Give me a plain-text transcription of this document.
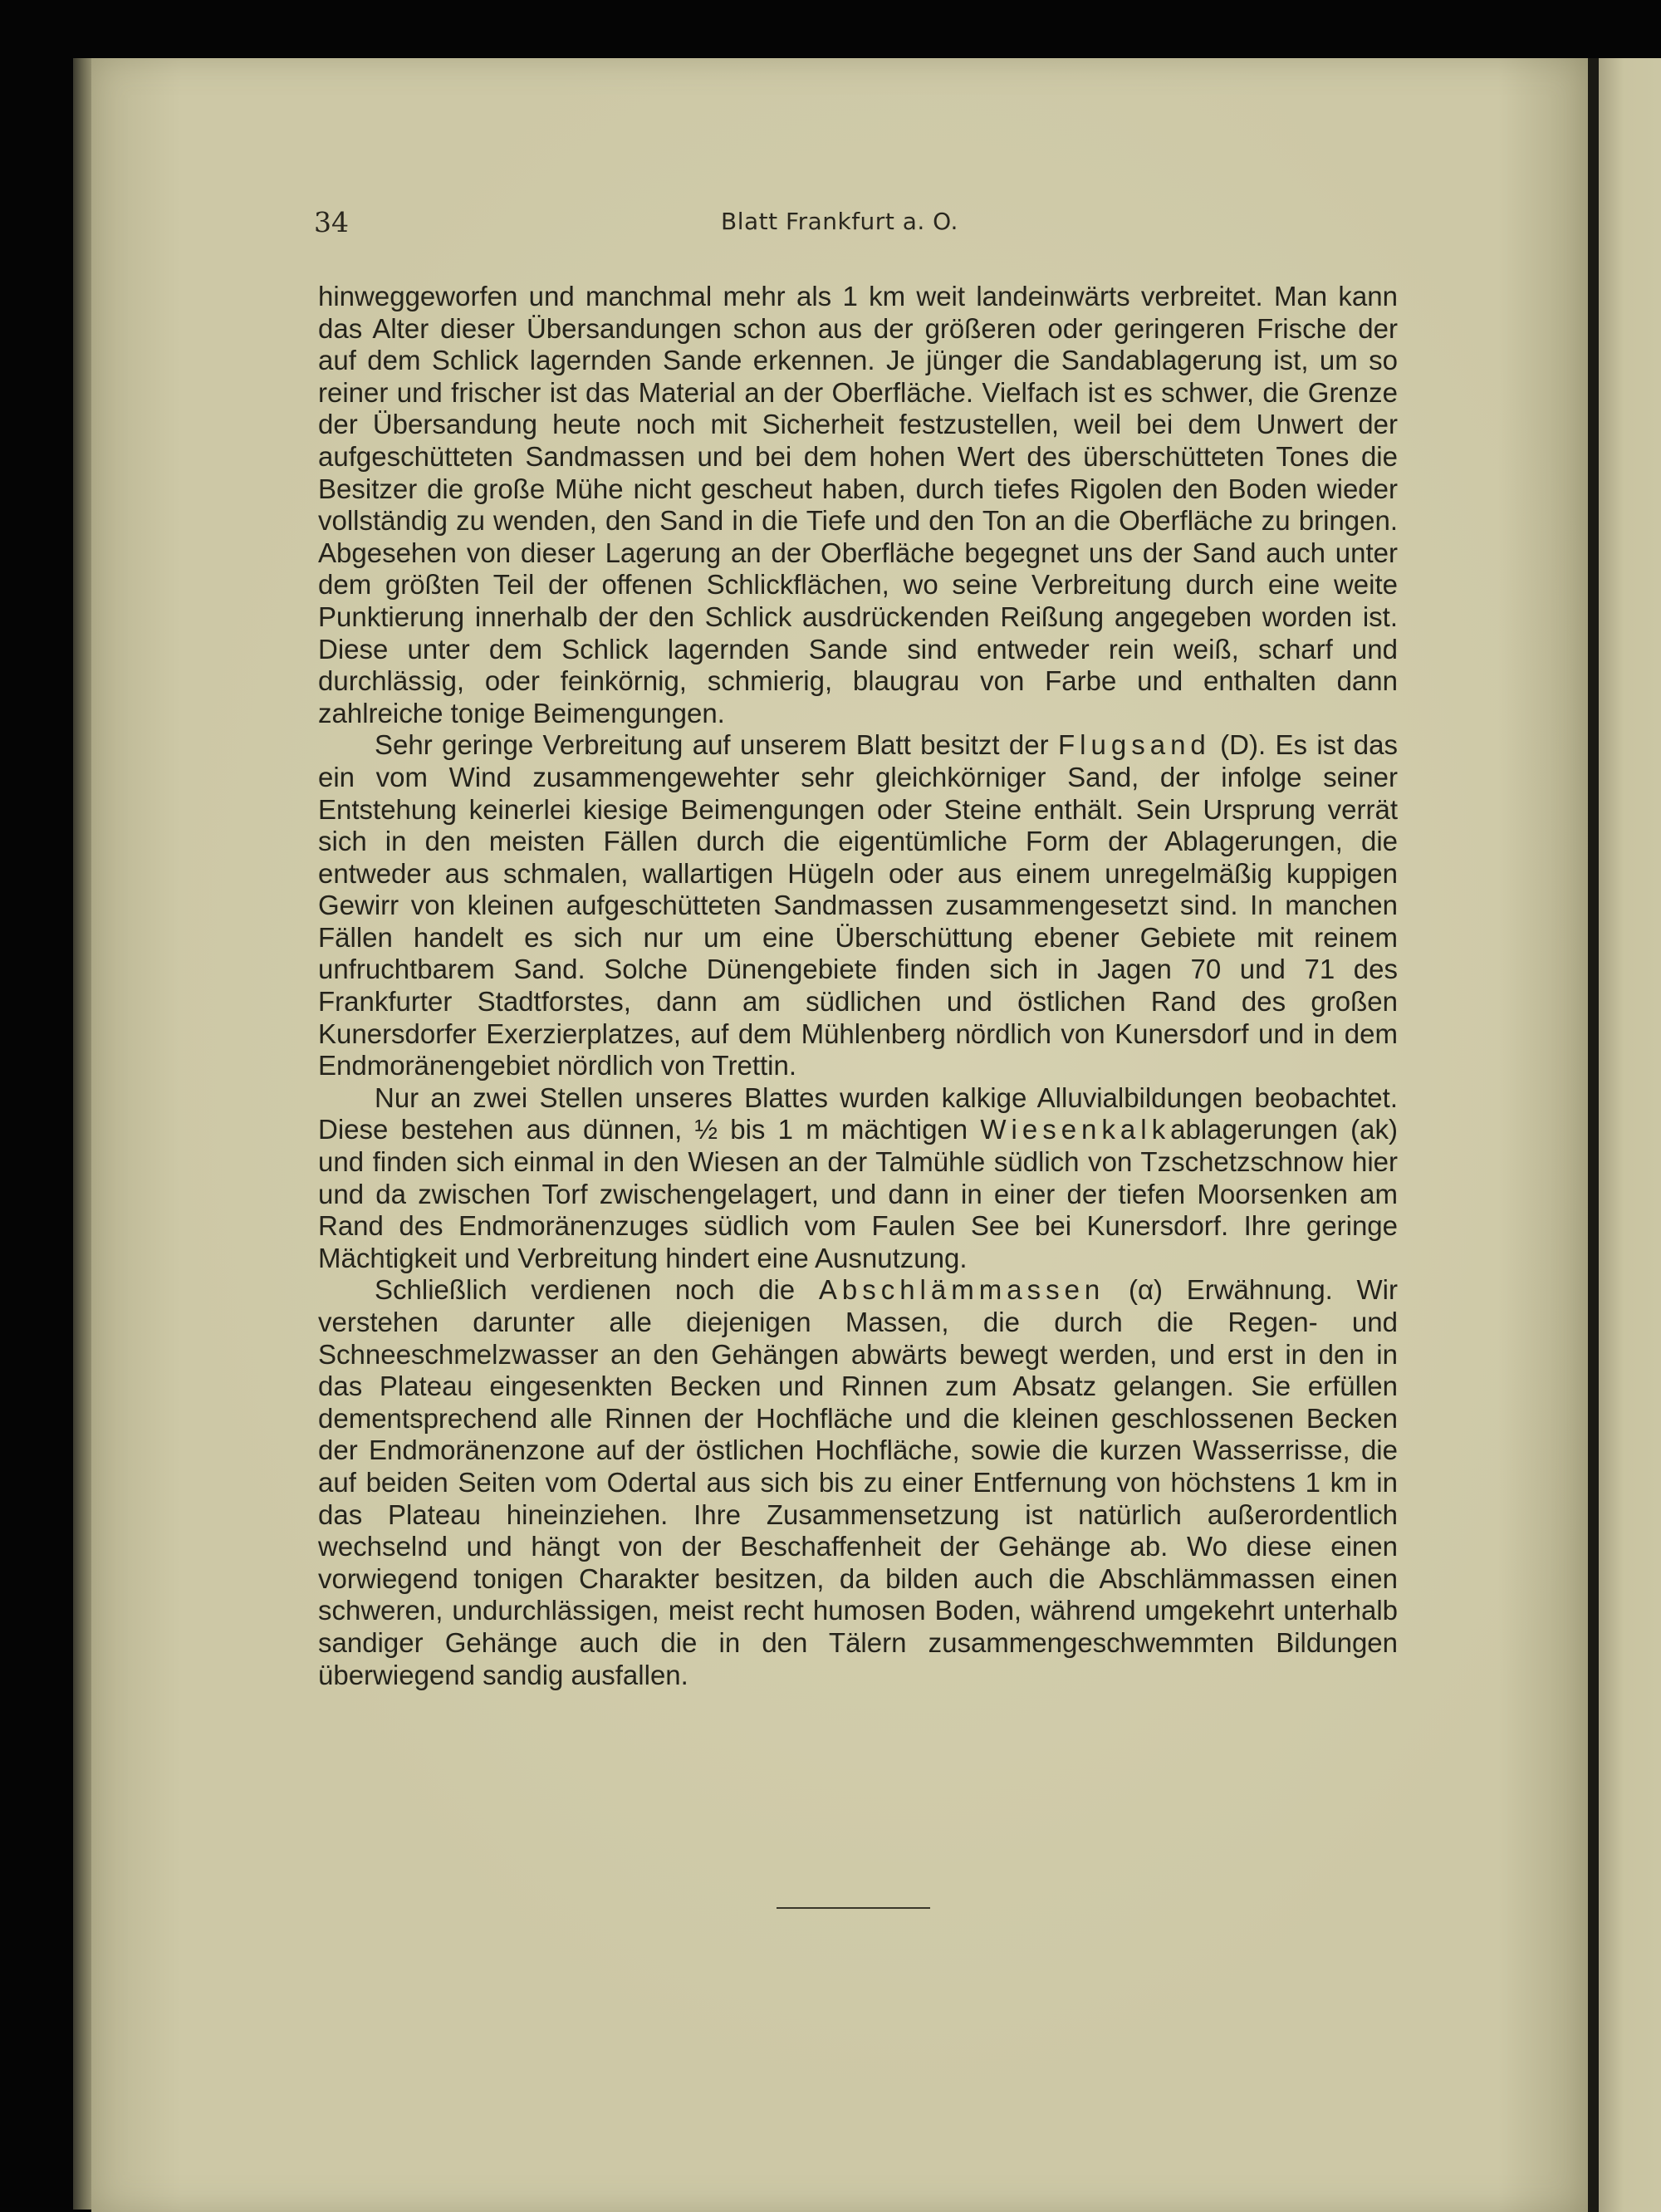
34	Blatt Frankfurt a. O.

hinweggeworfen und manchmal mehr als 1 km weit landeinwärts verbreitet. Man kann das Alter dieser Übersandungen schon aus der größeren oder geringeren Frische der auf dem Schlick lagernden Sande erkennen. Je jünger die Sandablagerung ist, um so reiner und frischer ist das Material an der Oberfläche. Vielfach ist es schwer, die Grenze der Übersandung heute noch mit Sicherheit festzustellen, weil bei dem Unwert der aufgeschütteten Sandmassen und bei dem hohen Wert des überschütteten Tones die Besitzer die große Mühe nicht gescheut haben, durch tiefes Rigolen den Boden wieder vollständig zu wenden, den Sand in die Tiefe und den Ton an die Oberfläche zu bringen. Abgesehen von dieser Lagerung an der Oberfläche begegnet uns der Sand auch unter dem größten Teil der offenen Schlickflächen, wo seine Verbreitung durch eine weite Punktierung innerhalb der den Schlick ausdrückenden Reißung angegeben worden ist. Diese unter dem Schlick lagernden Sande sind entweder rein weiß, scharf und durchlässig, oder feinkörnig, schmierig, blaugrau von Farbe und enthalten dann zahlreiche tonige Beimengungen.

Sehr geringe Verbreitung auf unserem Blatt besitzt der Flugsand (D). Es ist das ein vom Wind zusammengewehter sehr gleichkörniger Sand, der infolge seiner Entstehung keinerlei kiesige Beimengungen oder Steine enthält. Sein Ursprung verrät sich in den meisten Fällen durch die eigentümliche Form der Ablagerungen, die entweder aus schmalen, wallartigen Hügeln oder aus einem unregelmäßig kuppigen Gewirr von kleinen aufgeschütteten Sandmassen zusammengesetzt sind. In manchen Fällen handelt es sich nur um eine Überschüttung ebener Gebiete mit reinem unfruchtbarem Sand. Solche Dünengebiete finden sich in Jagen 70 und 71 des Frankfurter Stadtforstes, dann am südlichen und östlichen Rand des großen Kunersdorfer Exerzierplatzes, auf dem Mühlenberg nördlich von Kunersdorf und in dem Endmoränengebiet nördlich von Trettin.

Nur an zwei Stellen unseres Blattes wurden kalkige Alluvialbildungen beobachtet. Diese bestehen aus dünnen, ½ bis 1 m mächtigen Wiesenkalkablagerungen (ak) und finden sich einmal in den Wiesen an der Talmühle südlich von Tzschetzschnow hier und da zwischen Torf zwischengelagert, und dann in einer der tiefen Moorsenken am Rand des Endmoränenzuges südlich vom Faulen See bei Kunersdorf. Ihre geringe Mächtigkeit und Verbreitung hindert eine Ausnutzung.

Schließlich verdienen noch die Abschlämmassen (α) Erwähnung. Wir verstehen darunter alle diejenigen Massen, die durch die Regen- und Schneeschmelzwasser an den Gehängen abwärts bewegt werden, und erst in den in das Plateau eingesenkten Becken und Rinnen zum Absatz gelangen. Sie erfüllen dementsprechend alle Rinnen der Hochfläche und die kleinen geschlossenen Becken der Endmoränenzone auf der östlichen Hochfläche, sowie die kurzen Wasserrisse, die auf beiden Seiten vom Odertal aus sich bis zu einer Entfernung von höchstens 1 km in das Plateau hineinziehen. Ihre Zusammensetzung ist natürlich außerordentlich wechselnd und hängt von der Beschaffenheit der Gehänge ab. Wo diese einen vorwiegend tonigen Charakter besitzen, da bilden auch die Abschlämmassen einen schweren, undurchlässigen, meist recht humosen Boden, während umgekehrt unterhalb sandiger Gehänge auch die in den Tälern zusammengeschwemmten Bildungen überwiegend sandig ausfallen.
